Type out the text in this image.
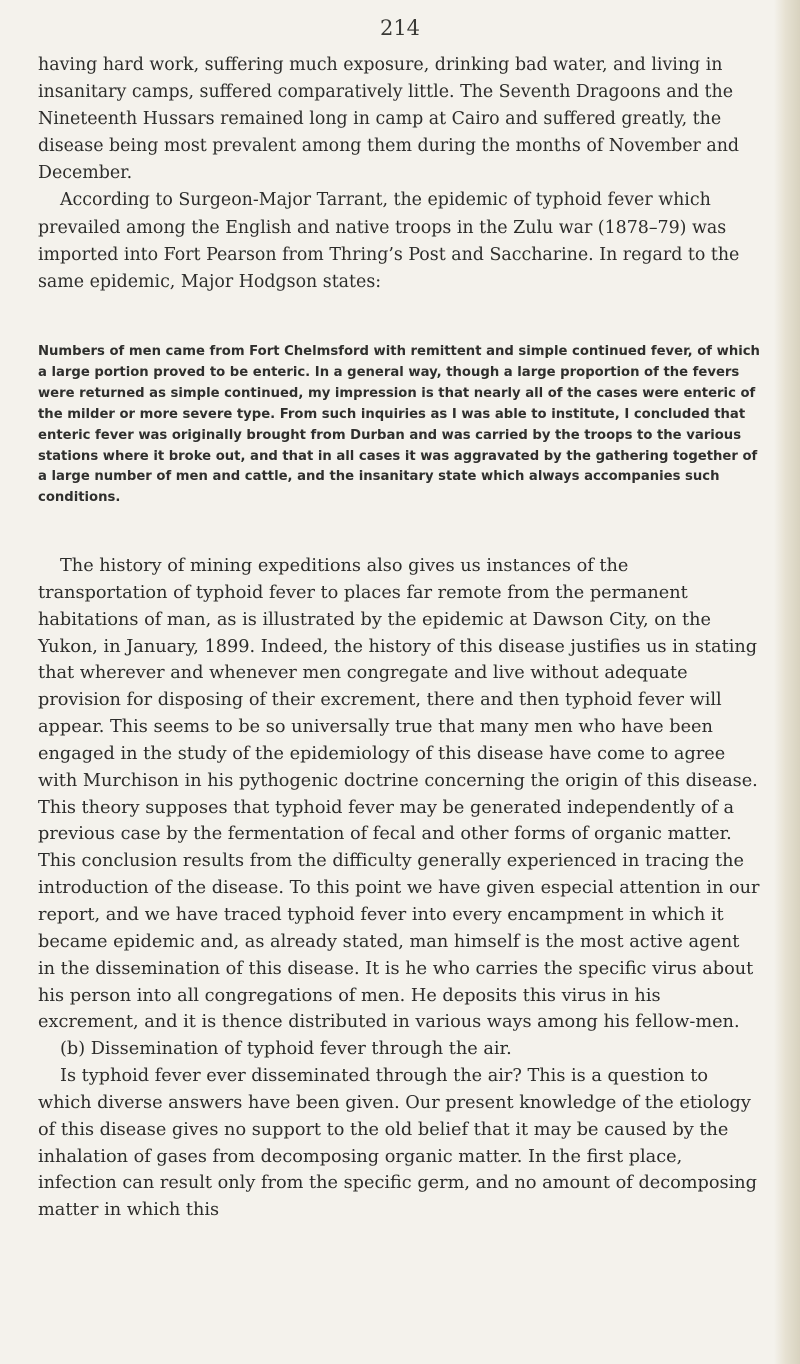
214

having hard work, suffering much exposure, drinking bad water, and living in insanitary camps, suffered comparatively little. The Seventh Dragoons and the Nineteenth Hussars remained long in camp at Cairo and suffered greatly, the disease being most prevalent among them during the months of November and December.

According to Surgeon-Major Tarrant, the epidemic of typhoid fever which prevailed among the English and native troops in the Zulu war (1878–79) was imported into Fort Pearson from Thring’s Post and Saccharine. In regard to the same epidemic, Major Hodgson states:

Numbers of men came from Fort Chelmsford with remittent and simple continued fever, of which a large portion proved to be enteric. In a general way, though a large proportion of the fevers were returned as simple continued, my impression is that nearly all of the cases were enteric of the milder or more severe type. From such inquiries as I was able to institute, I concluded that enteric fever was originally brought from Durban and was carried by the troops to the various stations where it broke out, and that in all cases it was aggravated by the gathering together of a large number of men and cattle, and the insanitary state which always accompanies such conditions.

The history of mining expeditions also gives us instances of the transportation of typhoid fever to places far remote from the permanent habitations of man, as is illustrated by the epidemic at Dawson City, on the Yukon, in January, 1899. Indeed, the history of this disease justifies us in stating that wherever and whenever men congregate and live without adequate provision for disposing of their excrement, there and then typhoid fever will appear. This seems to be so universally true that many men who have been engaged in the study of the epidemiology of this disease have come to agree with Murchison in his pythogenic doctrine concerning the origin of this disease. This theory supposes that typhoid fever may be generated independently of a previous case by the fermentation of fecal and other forms of organic matter. This conclusion results from the difficulty generally experienced in tracing the introduction of the disease. To this point we have given especial attention in our report, and we have traced typhoid fever into every encampment in which it became epidemic and, as already stated, man himself is the most active agent in the dissemination of this disease. It is he who carries the specific virus about his person into all congregations of men. He deposits this virus in his excrement, and it is thence distributed in various ways among his fellow-men.

(b) Dissemination of typhoid fever through the air.

Is typhoid fever ever disseminated through the air? This is a question to which diverse answers have been given. Our present knowledge of the etiology of this disease gives no support to the old belief that it may be caused by the inhalation of gases from decomposing organic matter. In the first place, infection can result only from the specific germ, and no amount of decomposing matter in which this
